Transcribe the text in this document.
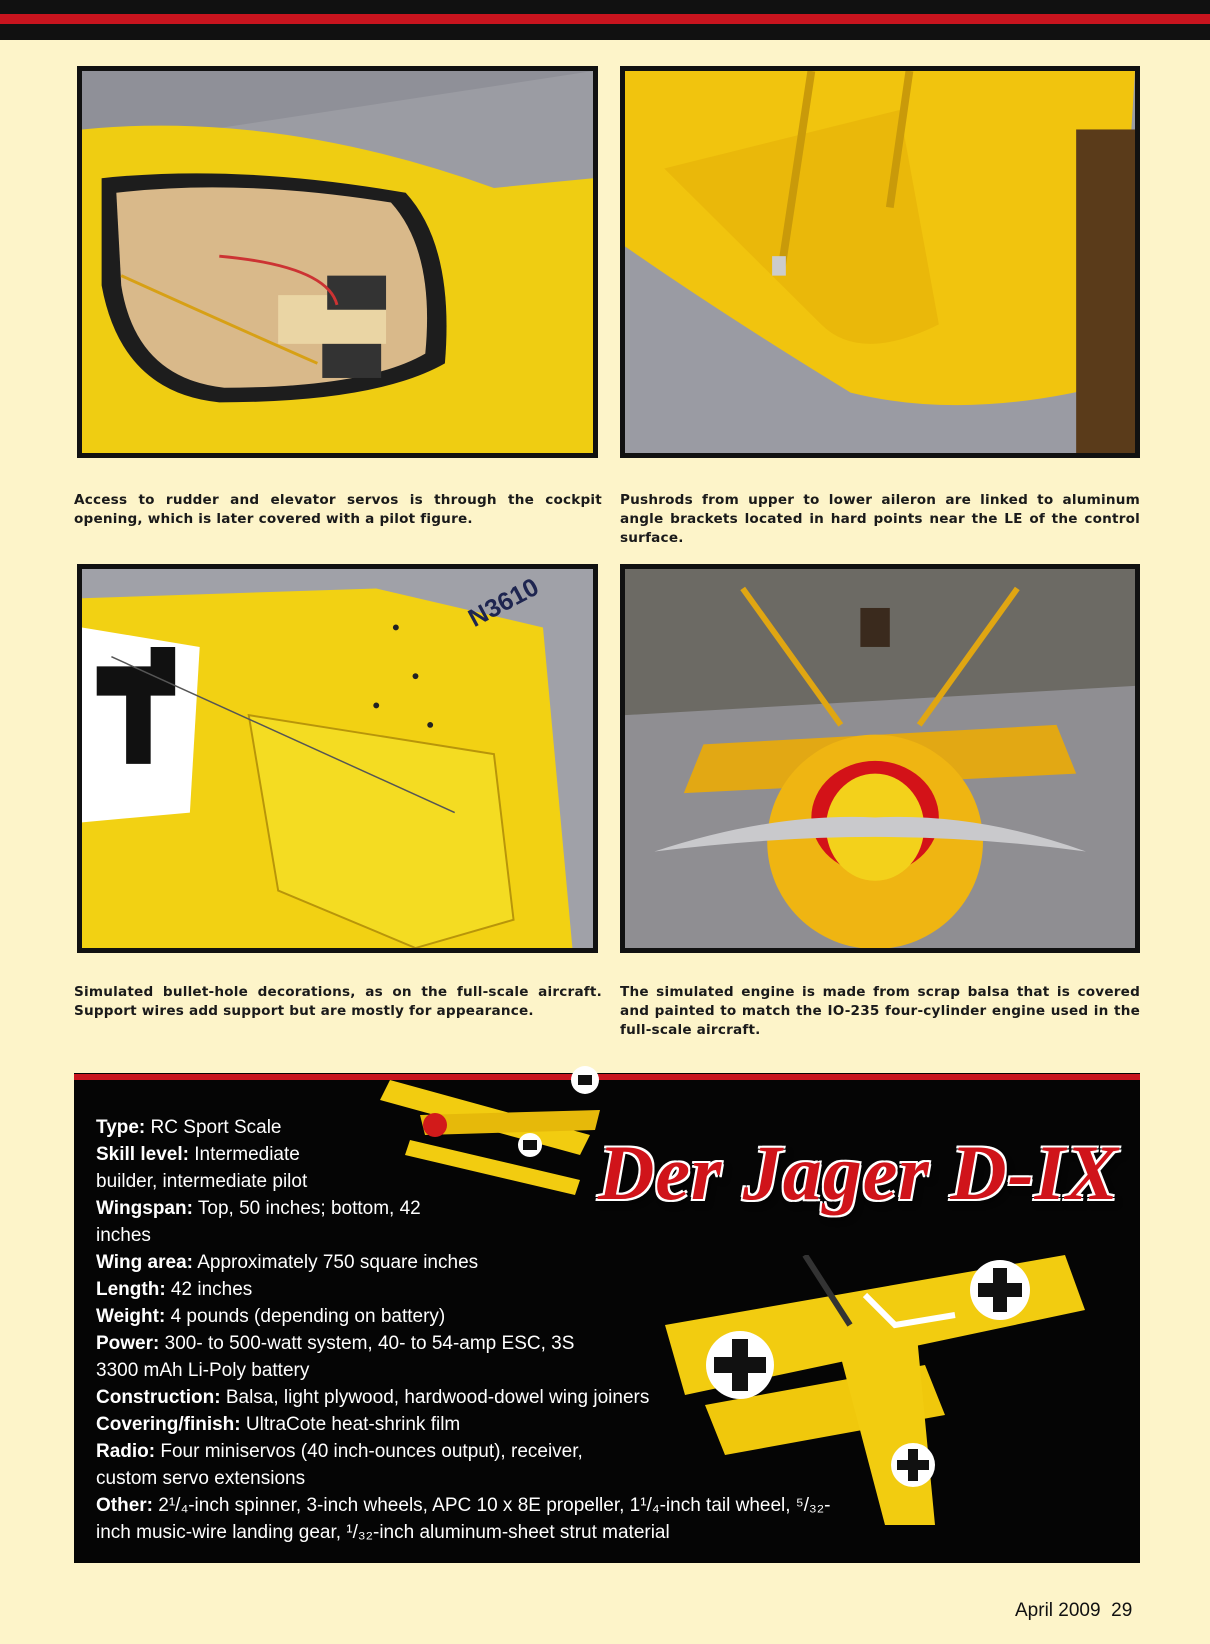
Access to rudder and elevator servos is through the cockpit opening, which is later covered with a pilot figure.
Pushrods from upper to lower aileron are linked to aluminum angle brackets located in hard points near the LE of the control surface.
N3610
Simulated bullet-hole decorations, as on the full-scale aircraft. Support wires add support but are mostly for appearance.
The simulated engine is made from scrap balsa that is covered and painted to match the IO-235 four-cylinder engine used in the full-scale aircraft.
Der Jager D-IX

Type: RC Sport Scale

Skill level: Intermediate builder, intermediate pilot

Wingspan: Top, 50 inches; bottom, 42 inches

Wing area: Approximately 750 square inches

Length: 42 inches

Weight: 4 pounds (depending on battery)

Power: 300- to 500-watt system, 40- to 54-amp ESC, 3S 3300 mAh Li-Poly battery

Construction: Balsa, light plywood, hardwood-dowel wing joiners

Covering/finish: UltraCote heat-shrink film

Radio: Four miniservos (40 inch-ounces output), receiver, custom servo extensions

Other: 2¹/₄-inch spinner, 3-inch wheels, APC 10 x 8E propeller, 1¹/₄-inch tail wheel, ⁵/₃₂-inch music-wire landing gear, ¹/₃₂-inch aluminum-sheet strut material

April 2009 29
